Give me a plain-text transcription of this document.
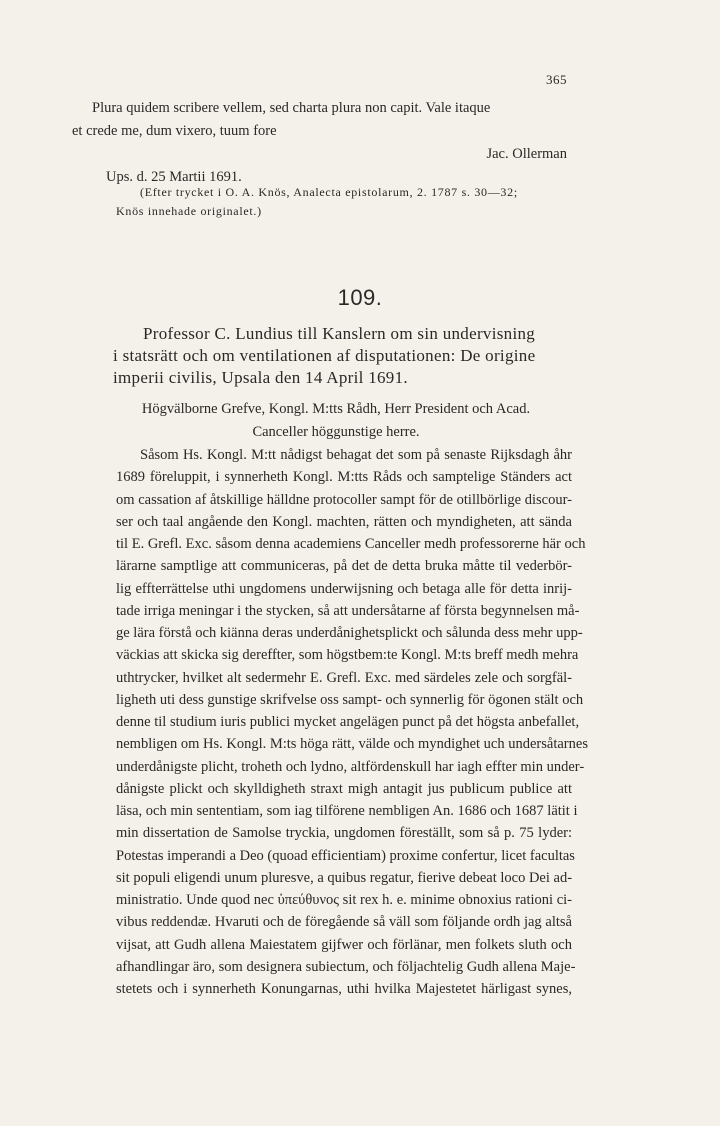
365

Plura quidem scribere vellem, sed charta plura non capit. Vale itaque
et crede me, dum vixero, tuum fore

Jac. Ollerman

Ups. d. 25 Martii 1691.

(Efter trycket i O. A. Knös, Analecta epistolarum, 2. 1787 s. 30—32;
Knös innehade originalet.)

109.
Professor C. Lundius till Kanslern om sin undervisning
i statsrätt och om ventilationen af disputationen: De origine
imperii civilis, Upsala den 14 April 1691.

Högvälborne Grefve, Kongl. M:tts Rådh, Herr President och Acad.
Canceller höggunstige herre.

Såsom Hs. Kongl. M:tt nådigst behagat det som på senaste Rijksdagh åhr
1689 föreluppit, i synnerheth Kongl. M:tts Råds och samptelige Ständers act
om cassation af åtskillige hälldne protocoller sampt för de otillbörlige discour-
ser och taal angående den Kongl. machten, rätten och myndigheten, att sända
til E. Grefl. Exc. såsom denna academiens Canceller medh professorerne här och
lärarne samptlige att communiceras, på det de detta bruka måtte til vederbör-
lig effterrättelse uthi ungdomens underwijsning och betaga alle för detta inrij-
tade irriga meningar i the stycken, så att undersåtarne af första begynnelsen må-
ge lära förstå och kiänna deras underdånighetsplickt och sålunda dess mehr upp-
väckias att skicka sig dereffter, som högstbem:te Kongl. M:ts breff medh mehra
uthtrycker, hvilket alt sedermehr E. Grefl. Exc. med särdeles zele och sorgfäl-
ligheth uti dess gunstige skrifvelse oss sampt- och synnerlig för ögonen stält och
denne til studium iuris publici mycket angelägen punct på det högsta anbefallet,
nembligen om Hs. Kongl. M:ts höga rätt, välde och myndighet uch undersåtarnes
underdånigste plicht, troheth och lydno, altfördenskull har iagh effter min under-
dånigste plickt och skylldigheth straxt migh antagit jus publicum publice att
läsa, och min sententiam, som iag tilförene nembligen An. 1686 och 1687 lätit i
min dissertation de Samolse tryckia, ungdomen föreställt, som så p. 75 lyder:
Potestas imperandi a Deo (quoad efficientiam) proxime confertur, licet facultas
sit populi eligendi unum pluresve, a quibus regatur, fierive debeat loco Dei ad-
ministratio. Unde quod nec ὑπεύθυνος sit rex h. e. minime obnoxius rationi ci-
vibus reddendæ. Hvaruti och de föregående så väll som följande ordh jag altså
vijsat, att Gudh allena Maiestatem gijfwer och förlänar, men folkets sluth och
afhandlingar äro, som designera subiectum, och följachtelig Gudh allena Maje-
stetets och i synnerheth Konungarnas, uthi hvilka Majestetet härligast synes,
